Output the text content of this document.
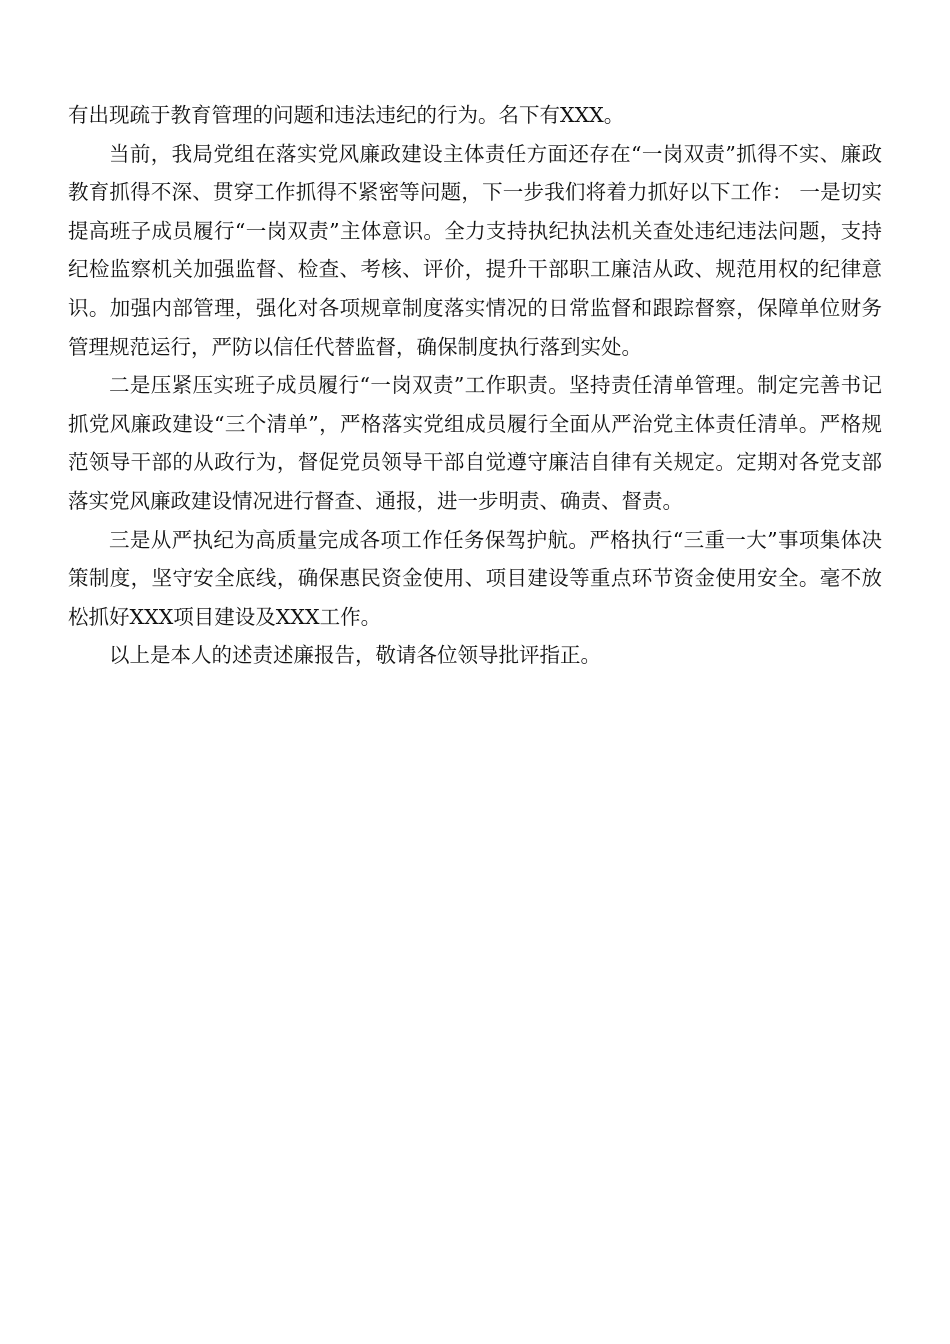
有出现疏于教育管理的问题和违法违纪的行为。名下有XXX。

当前，我局党组在落实党风廉政建设主体责任方面还存在“一岗双责”抓得不实、廉政教育抓得不深、贯穿工作抓得不紧密等问题，下一步我们将着力抓好以下工作： 一是切实提高班子成员履行“一岗双责”主体意识。全力支持执纪执法机关查处违纪违法问题，支持纪检监察机关加强监督、检查、考核、评价，提升干部职工廉洁从政、规范用权的纪律意识。加强内部管理，强化对各项规章制度落实情况的日常监督和跟踪督察，保障单位财务管理规范运行，严防以信任代替监督，确保制度执行落到实处。

二是压紧压实班子成员履行“一岗双责”工作职责。坚持责任清单管理。制定完善书记抓党风廉政建设“三个清单”，严格落实党组成员履行全面从严治党主体责任清单。严格规范领导干部的从政行为，督促党员领导干部自觉遵守廉洁自律有关规定。定期对各党支部落实党风廉政建设情况进行督查、通报，进一步明责、确责、督责。

三是从严执纪为高质量完成各项工作任务保驾护航。严格执行“三重一大”事项集体决策制度，坚守安全底线，确保惠民资金使用、项目建设等重点环节资金使用安全。毫不放松抓好XXX项目建设及XXX工作。

以上是本人的述责述廉报告，敬请各位领导批评指正。
